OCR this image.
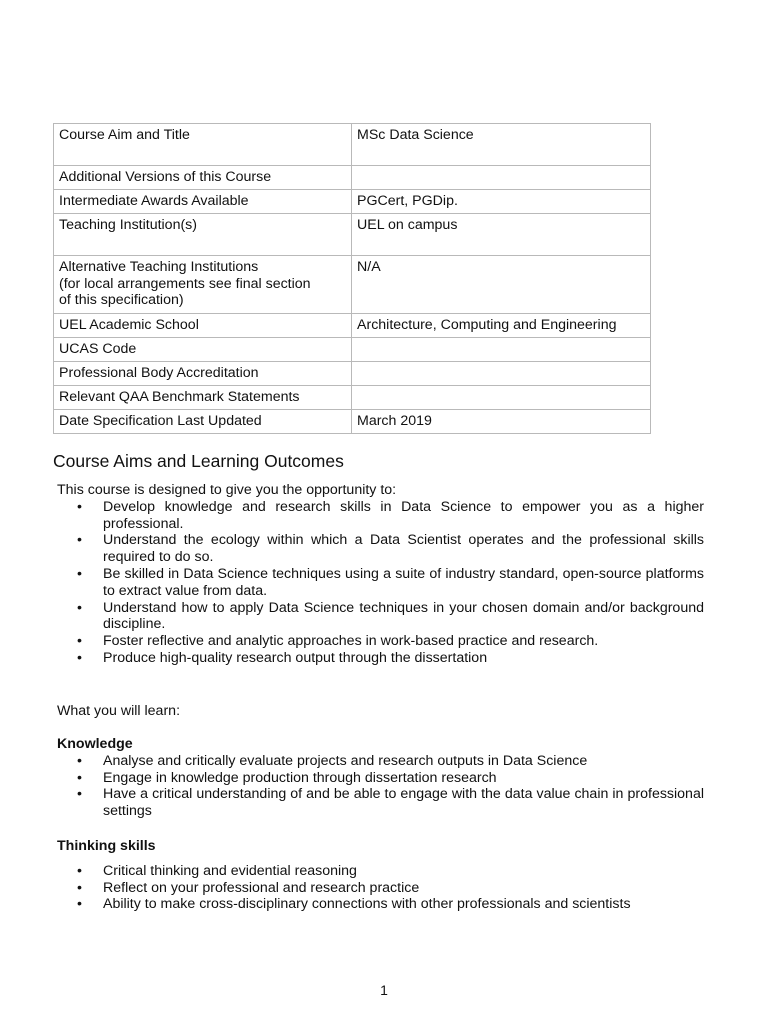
Course Aim and Title	MSc Data Science
Additional Versions of this Course	
Intermediate Awards Available	PGCert, PGDip.
Teaching Institution(s)	UEL on campus

Alternative Teaching Institutions
(for local arrangements see final section
of this specification)	N/A
UEL Academic School	Architecture, Computing and Engineering
UCAS Code	
Professional Body Accreditation	
Relevant QAA Benchmark Statements	
Date Specification Last Updated	March 2019
Course Aims and Learning Outcomes

This course is designed to give you the opportunity to:

• Develop knowledge and research skills in Data Science to empower you as a higher professional.
• Understand the ecology within which a Data Scientist operates and the professional skills required to do so.
• Be skilled in Data Science techniques using a suite of industry standard, open-source platforms to extract value from data.
• Understand how to apply Data Science techniques in your chosen domain and/or background discipline.
• Foster reflective and analytic approaches in work-based practice and research.
• Produce high-quality research output through the dissertation

What you will learn:

Knowledge
• Analyse and critically evaluate projects and research outputs in Data Science
• Engage in knowledge production through dissertation research
• Have a critical understanding of and be able to engage with the data value chain in professional settings
Thinking skills
• Critical thinking and evidential reasoning
• Reflect on your professional and research practice
• Ability to make cross-disciplinary connections with other professionals and scientists
1
